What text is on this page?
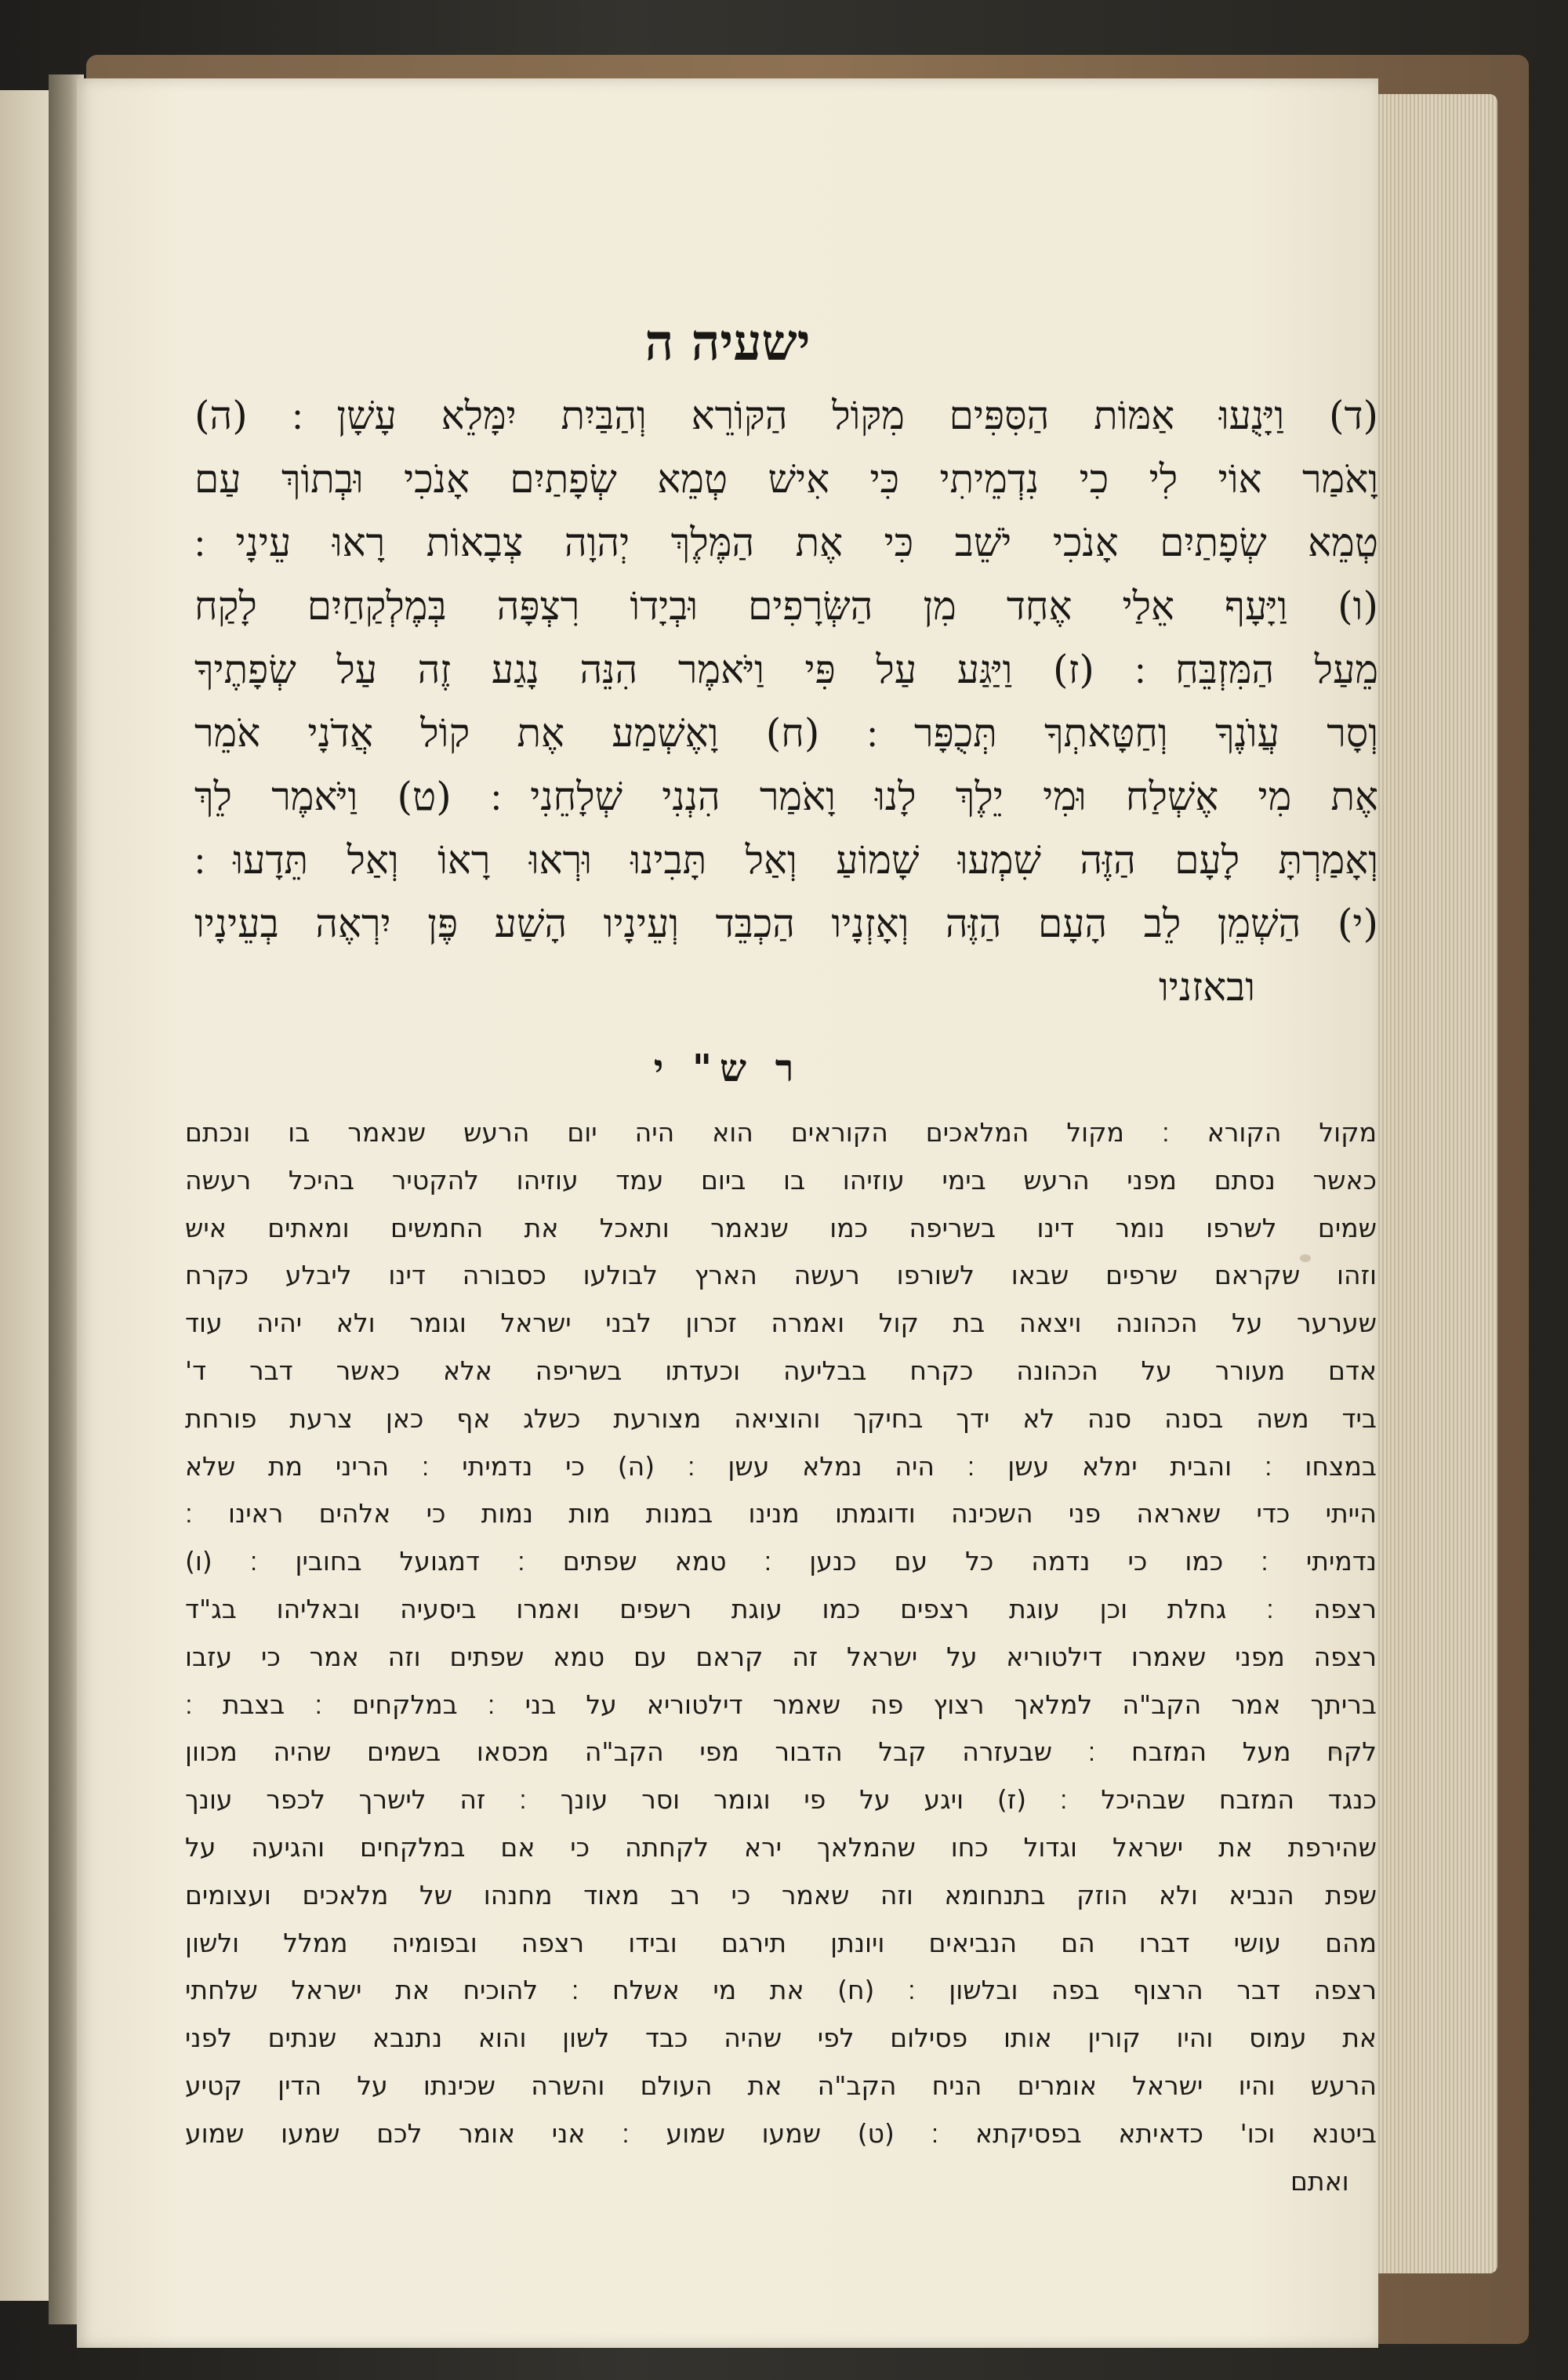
ישעיה ה
(ד) וַיָּנֻעוּ אַמּוֹת הַסִּפִּים מִקּוֹל הַקּוֹרֵא וְהַבַּיִת יִמָּלֵא עָשָׁן ׃ (ה)
וָאֹמַר אוֹי לִי כִי נִדְמֵיתִי כִּי אִישׁ טְמֵא שְׂפָתַיִם אָנֹכִי וּבְתוֹךְ עַם
טְמֵא שְׂפָתַיִם אָנֹכִי יֹשֵׁב כִּי אֶת הַמֶּלֶךְ יְהוָה צְבָאוֹת רָאוּ עֵינָי ׃
(ו) וַיָּעָף אֵלַי אֶחָד מִן הַשְּׂרָפִים וּבְיָדוֹ רִצְפָּה בְּמֶלְקַחַיִם לָקַח
מֵעַל הַמִּזְבֵּחַ ׃ (ז) וַיַּגַּע עַל פִּי וַיֹּאמֶר הִנֵּה נָגַע זֶה עַל שְׂפָתֶיךָ
וְסָר עֲוֺנֶךָ וְחַטָּאתְךָ תְּכֻפָּר ׃ (ח) וָאֶשְׁמַע אֶת קוֹל אֲדֹנָי אֹמֵר
אֶת מִי אֶשְׁלַח וּמִי יֵלֶךְ לָנוּ וָאֹמַר הִנְנִי שְׁלָחֵנִי ׃ (ט) וַיֹּאמֶר לֵךְ
וְאָמַרְתָּ לָעָם הַזֶּה שִׁמְעוּ שָׁמוֹעַ וְאַל תָּבִינוּ וּרְאוּ רָאוֹ וְאַל תֵּדָעוּ ׃
(י) הַשְׁמֵן לֵב הָעָם הַזֶּה וְאָזְנָיו הַכְבֵּד וְעֵינָיו הָשַׁע פֶּן יִרְאֶה בְעֵינָיו
ובאזניו
ר ש" י
מקול הקורא ׃ מקול המלאכים הקוראים הוא היה יום הרעש שנאמר בו ונכתם
כאשר נסתם מפני הרעש בימי עוזיהו בו ביום עמד עוזיהו להקטיר בהיכל רעשה
שמים לשרפו נומר דינו בשריפה כמו שנאמר ותאכל את החמשים ומאתים איש
וזהו שקראם שרפים שבאו לשורפו רעשה הארץ לבולעו כסבורה דינו ליבלע כקרח
שערער על הכהונה ויצאה בת קול ואמרה זכרון לבני ישראל וגומר ולא יהיה עוד
אדם מעורר על הכהונה כקרח בבליעה וכעדתו בשריפה אלא כאשר דבר ד'
ביד משה בסנה סנה לא ידך בחיקך והוציאה מצורעת כשלג אף כאן צרעת פורחת
במצחו ׃ והבית ימלא עשן ׃ היה נמלא עשן ׃ (ה) כי נדמיתי ׃ הריני מת שלא
הייתי כדי שאראה פני השכינה ודוגמתו מנינו במנות מות נמות כי אלהים ראינו ׃
נדמיתי ׃ כמו כי נדמה כל עם כנען ׃ טמא שפתים ׃ דמגועל בחובין ׃ (ו)
רצפה ׃ גחלת וכן עוגת רצפים כמו עוגת רשפים ואמרו ביסעיה ובאליהו בג"ד
רצפה מפני שאמרו דילטוריא על ישראל זה קראם עם טמא שפתים וזה אמר כי עזבו
בריתך אמר הקב"ה למלאך רצוץ פה שאמר דילטוריא על בני ׃ במלקחים ׃ בצבת ׃
לקח מעל המזבח ׃ שבעזרה קבל הדבור מפי הקב"ה מכסאו בשמים שהיה מכוון
כנגד המזבח שבהיכל ׃ (ז) ויגע על פי וגומר וסר עונך ׃ זה לישרך לכפר עונך
שהירפת את ישראל וגדול כחו שהמלאך ירא לקחתה כי אם במלקחים והגיעה על
שפת הנביא ולא הוזק בתנחומא וזה שאמר כי רב מאוד מחנהו של מלאכים ועצומים
מהם עושי דברו הם הנביאים ויונתן תירגם ובידו רצפה ובפומיה ממלל ולשון
רצפה דבר הרצוף בפה ובלשון ׃ (ח) את מי אשלח ׃ להוכיח את ישראל שלחתי
את עמוס והיו קורין אותו פסילום לפי שהיה כבד לשון והוא נתנבא שנתים לפני
הרעש והיו ישראל אומרים הניח הקב"ה את העולם והשרה שכינתו על הדין קטיע
ביטנא וכו' כדאיתא בפסיקתא ׃ (ט) שמעו שמוע ׃ אני אומר לכם שמעו שמוע
ואתם
